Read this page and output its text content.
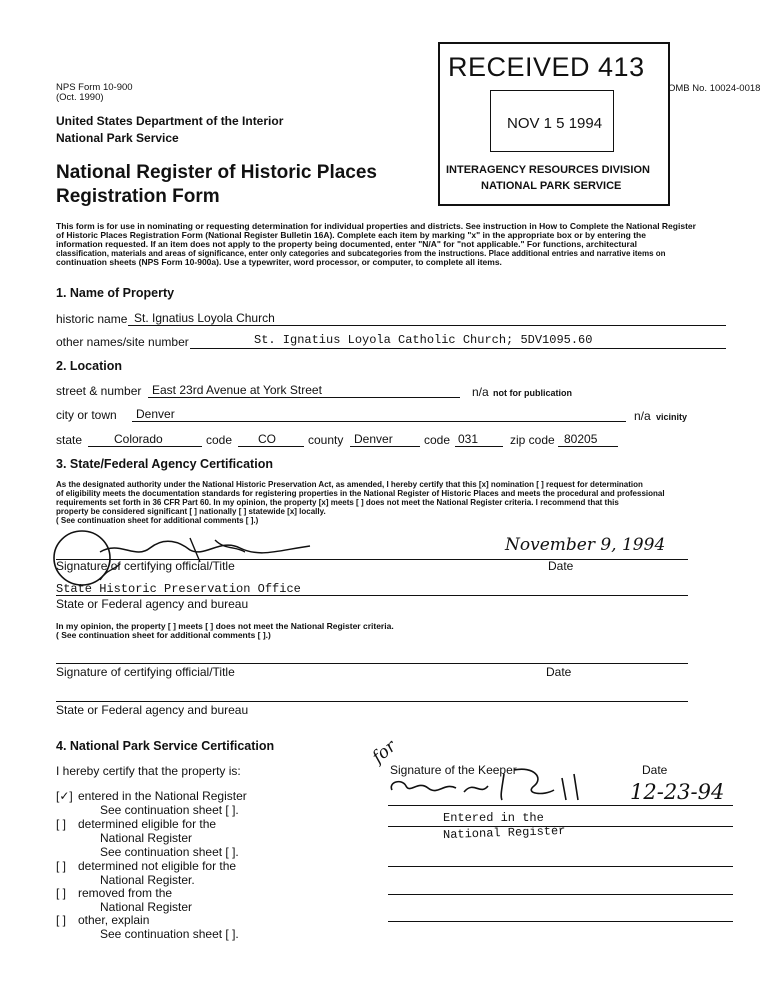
NPS Form 10-900
(Oct. 1990)
United States Department of the Interior
National Park Service
National Register of Historic Places
Registration Form
OMB No. 10024-0018
RECEIVED 413
NOV 1 5 1994
INTERAGENCY RESOURCES DIVISION
NATIONAL PARK SERVICE
This form is for use in nominating or requesting determination for individual properties and districts. See instruction in How to Complete the National Register
of Historic Places Registration Form (National Register Bulletin 16A). Complete each item by marking "x" in the appropriate box or by entering the
information requested. If an item does not apply to the property being documented, enter "N/A" for "not applicable." For functions, architectural
classification, materials and areas of significance, enter only categories and subcategories from the instructions. Place additional entries and narrative items on
continuation sheets (NPS Form 10-900a). Use a typewriter, word processor, or computer, to complete all items.
1. Name of Property
historic name St. Ignatius Loyola Church
other names/site number	St. Ignatius Loyola Catholic Church; 5DV1095.60
2. Location
street & number East 23rd Avenue at York Street	n/a not for publication
city or town Denver	n/a vicinity
state	Colorado	code CO	county Denver	code 031	zip code 80205
3. State/Federal Agency Certification
As the designated authority under the National Historic Preservation Act, as amended, I hereby certify that this [x] nomination [ ] request for determination
of eligibility meets the documentation standards for registering properties in the National Register of Historic Places and meets the procedural and professional
requirements set forth in 36 CFR Part 60. In my opinion, the property [x] meets [ ] does not meet the National Register criteria. I recommend that this
property be considered significant [ ] nationally [ ] statewide [x] locally.
( See continuation sheet for additional comments [ ].)
November 9, 1994
Signature of certifying official/Title	Date
State Historic Preservation Office
State or Federal agency and bureau
In my opinion, the property [ ] meets [ ] does not meet the National Register criteria.
( See continuation sheet for additional comments [ ].)
Signature of certifying official/Title	Date
State or Federal agency and bureau
4. National Park Service Certification
I hereby certify that the property is:
[✓] entered in the National Register
See continuation sheet [ ].
[ ] determined eligible for the
National Register
See continuation sheet [ ].
[ ] determined not eligible for the
National Register.
[ ] removed from the
National Register
[ ] other, explain
See continuation sheet [ ].
for
Signature of the Keeper	Date
12-23-94
Entered in the
National Register
